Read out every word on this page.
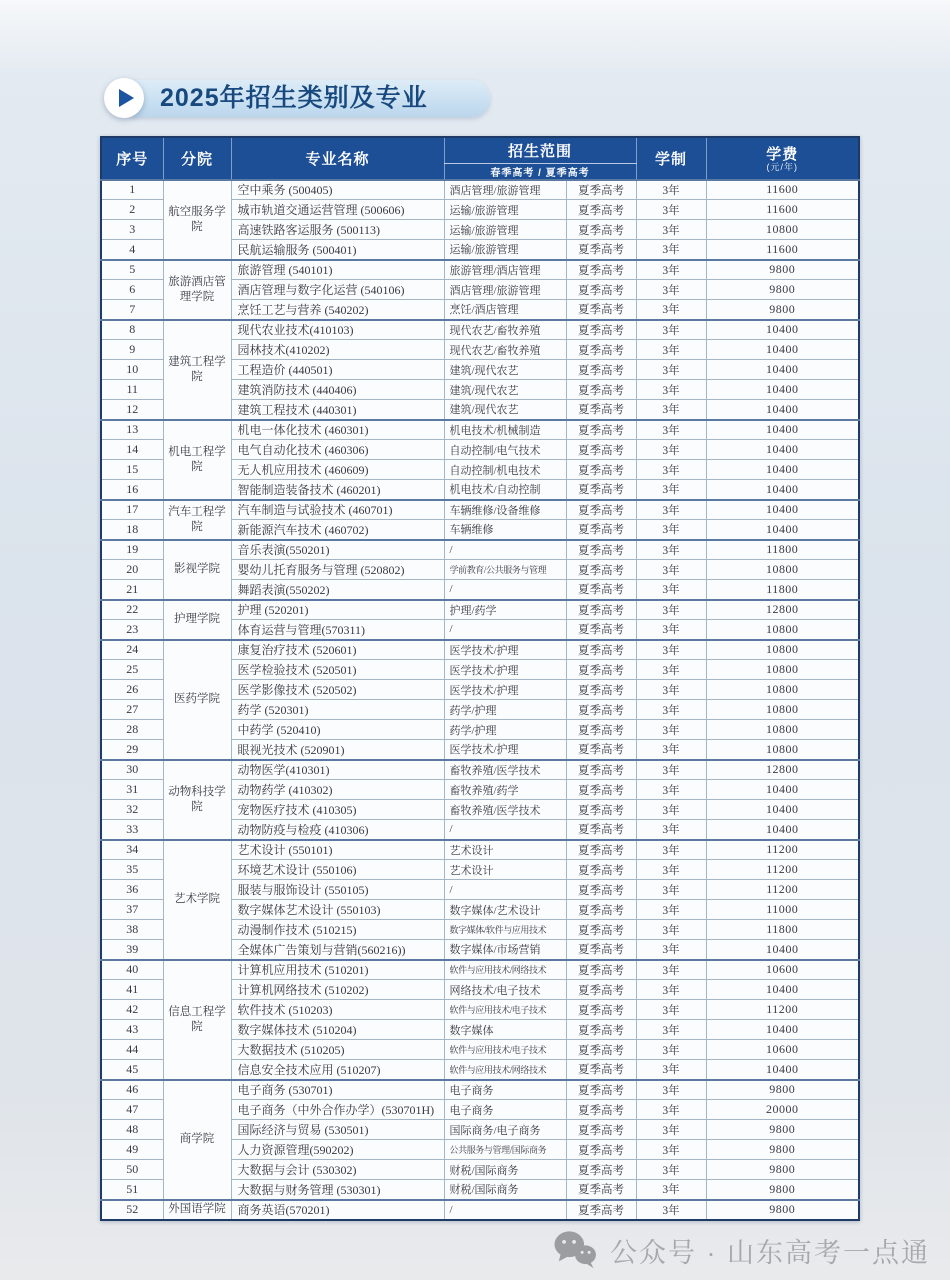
2025年招生类别及专业
序号	分院	专业名称	招生范围		学制	学费
(元/年)

			春季高考 / 夏季高考			
1	航空服务学院	空中乘务 (500405)	酒店管理/旅游管理	夏季高考	3年	11600
2		城市轨道交通运营管理 (500606)	运输/旅游管理	夏季高考	3年	11600
3		高速铁路客运服务 (500113)	运输/旅游管理	夏季高考	3年	10800
4		民航运输服务 (500401)	运输/旅游管理	夏季高考	3年	11600
5	旅游酒店管理学院	旅游管理 (540101)	旅游管理/酒店管理	夏季高考	3年	9800
6		酒店管理与数字化运营 (540106)	酒店管理/旅游管理	夏季高考	3年	9800
7		烹饪工艺与营养 (540202)	烹饪/酒店管理	夏季高考	3年	9800
8	建筑工程学院	现代农业技术(410103)	现代农艺/畜牧养殖	夏季高考	3年	10400
9		园林技术(410202)	现代农艺/畜牧养殖	夏季高考	3年	10400
10		工程造价 (440501)	建筑/现代农艺	夏季高考	3年	10400
11		建筑消防技术 (440406)	建筑/现代农艺	夏季高考	3年	10400
12		建筑工程技术 (440301)	建筑/现代农艺	夏季高考	3年	10400
13	机电工程学院	机电一体化技术 (460301)	机电技术/机械制造	夏季高考	3年	10400
14		电气自动化技术 (460306)	自动控制/电气技术	夏季高考	3年	10400
15		无人机应用技术 (460609)	自动控制/机电技术	夏季高考	3年	10400
16		智能制造装备技术 (460201)	机电技术/自动控制	夏季高考	3年	10400
17	汽车工程学院	汽车制造与试验技术 (460701)	车辆维修/设备维修	夏季高考	3年	10400
18		新能源汽车技术 (460702)	车辆维修	夏季高考	3年	10400
19	影视学院	音乐表演(550201)	/	夏季高考	3年	11800
20		婴幼儿托育服务与管理 (520802)	学前教育/公共服务与管理	夏季高考	3年	10800
21		舞蹈表演(550202)	/	夏季高考	3年	11800
22	护理学院	护理 (520201)	护理/药学	夏季高考	3年	12800
23		体育运营与管理(570311)	/	夏季高考	3年	10800
24	医药学院	康复治疗技术 (520601)	医学技术/护理	夏季高考	3年	10800
25		医学检验技术 (520501)	医学技术/护理	夏季高考	3年	10800
26		医学影像技术 (520502)	医学技术/护理	夏季高考	3年	10800
27		药学 (520301)	药学/护理	夏季高考	3年	10800
28		中药学 (520410)	药学/护理	夏季高考	3年	10800
29		眼视光技术 (520901)	医学技术/护理	夏季高考	3年	10800
30	动物科技学院	动物医学(410301)	畜牧养殖/医学技术	夏季高考	3年	12800
31		动物药学 (410302)	畜牧养殖/药学	夏季高考	3年	10400
32		宠物医疗技术 (410305)	畜牧养殖/医学技术	夏季高考	3年	10400
33		动物防疫与检疫 (410306)	/	夏季高考	3年	10400
34	艺术学院	艺术设计 (550101)	艺术设计	夏季高考	3年	11200
35		环境艺术设计 (550106)	艺术设计	夏季高考	3年	11200
36		服装与服饰设计 (550105)	/	夏季高考	3年	11200
37		数字媒体艺术设计 (550103)	数字媒体/艺术设计	夏季高考	3年	11000
38		动漫制作技术 (510215)	数字媒体/软件与应用技术	夏季高考	3年	11800
39		全媒体广告策划与营销(560216))	数字媒体/市场营销	夏季高考	3年	10400
40	信息工程学院	计算机应用技术 (510201)	软件与应用技术/网络技术	夏季高考	3年	10600
41		计算机网络技术 (510202)	网络技术/电子技术	夏季高考	3年	10400
42		软件技术 (510203)	软件与应用技术/电子技术	夏季高考	3年	11200
43		数字媒体技术 (510204)	数字媒体	夏季高考	3年	10400
44		大数据技术 (510205)	软件与应用技术/电子技术	夏季高考	3年	10600
45		信息安全技术应用 (510207)	软件与应用技术/网络技术	夏季高考	3年	10400
46	商学院	电子商务 (530701)	电子商务	夏季高考	3年	9800
47		电子商务（中外合作办学）(530701H)	电子商务	夏季高考	3年	20000
48		国际经济与贸易 (530501)	国际商务/电子商务	夏季高考	3年	9800
49		人力资源管理(590202)	公共服务与管理/国际商务	夏季高考	3年	9800
50		大数据与会计 (530302)	财税/国际商务	夏季高考	3年	9800
51		大数据与财务管理 (530301)	财税/国际商务	夏季高考	3年	9800
52	外国语学院	商务英语(570201)	/	夏季高考	3年	9800
公众号 · 山东高考一点通
